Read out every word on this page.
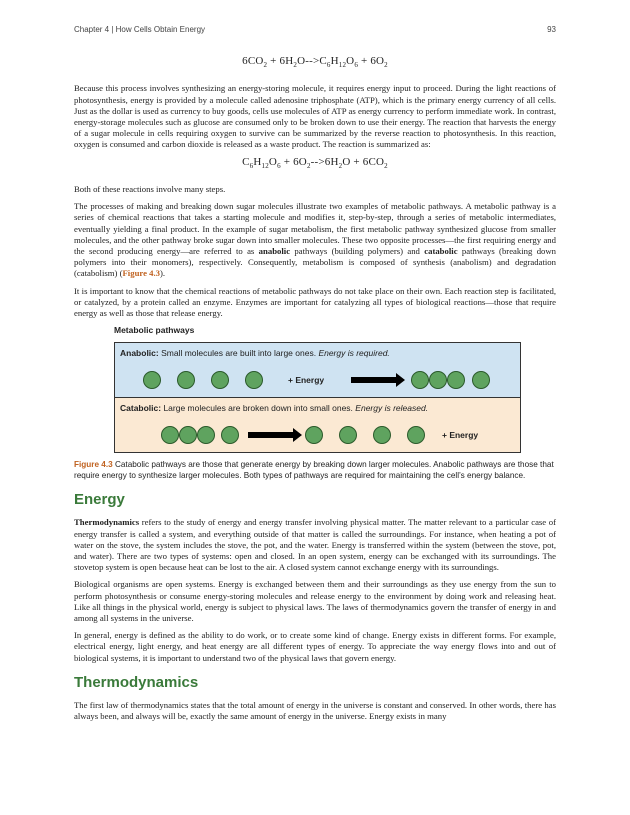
Chapter 4 | How Cells Obtain Energy	93
$6CO_2 + 6H_2O-->C_6H_{12}O_6 + 6O_2$

Because this process involves synthesizing an energy-storing molecule, it requires energy input to proceed. During the light reactions of photosynthesis, energy is provided by a molecule called adenosine triphosphate (ATP), which is the primary energy currency of all cells. Just as the dollar is used as currency to buy goods, cells use molecules of ATP as energy currency to perform immediate work. In contrast, energy-storage molecules such as glucose are consumed only to be broken down to use their energy. The reaction that harvests the energy of a sugar molecule in cells requiring oxygen to survive can be summarized by the reverse reaction to photosynthesis. In this reaction, oxygen is consumed and carbon dioxide is released as a waste product. The reaction is summarized as:

$C_6H_{12}O_6 + 6O_2-->6H_2O + 6CO_2$

Both of these reactions involve many steps.

The processes of making and breaking down sugar molecules illustrate two examples of metabolic pathways. A metabolic pathway is a series of chemical reactions that takes a starting molecule and modifies it, step-by-step, through a series of metabolic intermediates, eventually yielding a final product. In the example of sugar metabolism, the first metabolic pathway synthesized glucose from smaller molecules, and the other pathway broke sugar down into smaller molecules. These two opposite processes—the first requiring energy and the second producing energy—are referred to as anabolic pathways (building polymers) and catabolic pathways (breaking down polymers into their monomers), respectively. Consequently, metabolism is composed of synthesis (anabolism) and degradation (catabolism) (Figure 4.3).

It is important to know that the chemical reactions of metabolic pathways do not take place on their own. Each reaction step is facilitated, or catalyzed, by a protein called an enzyme. Enzymes are important for catalyzing all types of biological reactions—those that require energy as well as those that release energy.

Metabolic pathways
Anabolic: Small molecules are built into large ones. Energy is required.
+ Energy
Catabolic: Large molecules are broken down into small ones. Energy is released.
+ Energy
Figure 4.3 Catabolic pathways are those that generate energy by breaking down larger molecules. Anabolic pathways are those that require energy to synthesize larger molecules. Both types of pathways are required for maintaining the cell’s energy balance.
Energy

Thermodynamics refers to the study of energy and energy transfer involving physical matter. The matter relevant to a particular case of energy transfer is called a system, and everything outside of that matter is called the surroundings. For instance, when heating a pot of water on the stove, the system includes the stove, the pot, and the water. Energy is transferred within the system (between the stove, pot, and water). There are two types of systems: open and closed. In an open system, energy can be exchanged with its surroundings. The stovetop system is open because heat can be lost to the air. A closed system cannot exchange energy with its surroundings.

Biological organisms are open systems. Energy is exchanged between them and their surroundings as they use energy from the sun to perform photosynthesis or consume energy-storing molecules and release energy to the environment by doing work and releasing heat. Like all things in the physical world, energy is subject to physical laws. The laws of thermodynamics govern the transfer of energy in and among all systems in the universe.

In general, energy is defined as the ability to do work, or to create some kind of change. Energy exists in different forms. For example, electrical energy, light energy, and heat energy are all different types of energy. To appreciate the way energy flows into and out of biological systems, it is important to understand two of the physical laws that govern energy.

Thermodynamics

The first law of thermodynamics states that the total amount of energy in the universe is constant and conserved. In other words, there has always been, and always will be, exactly the same amount of energy in the universe. Energy exists in many
